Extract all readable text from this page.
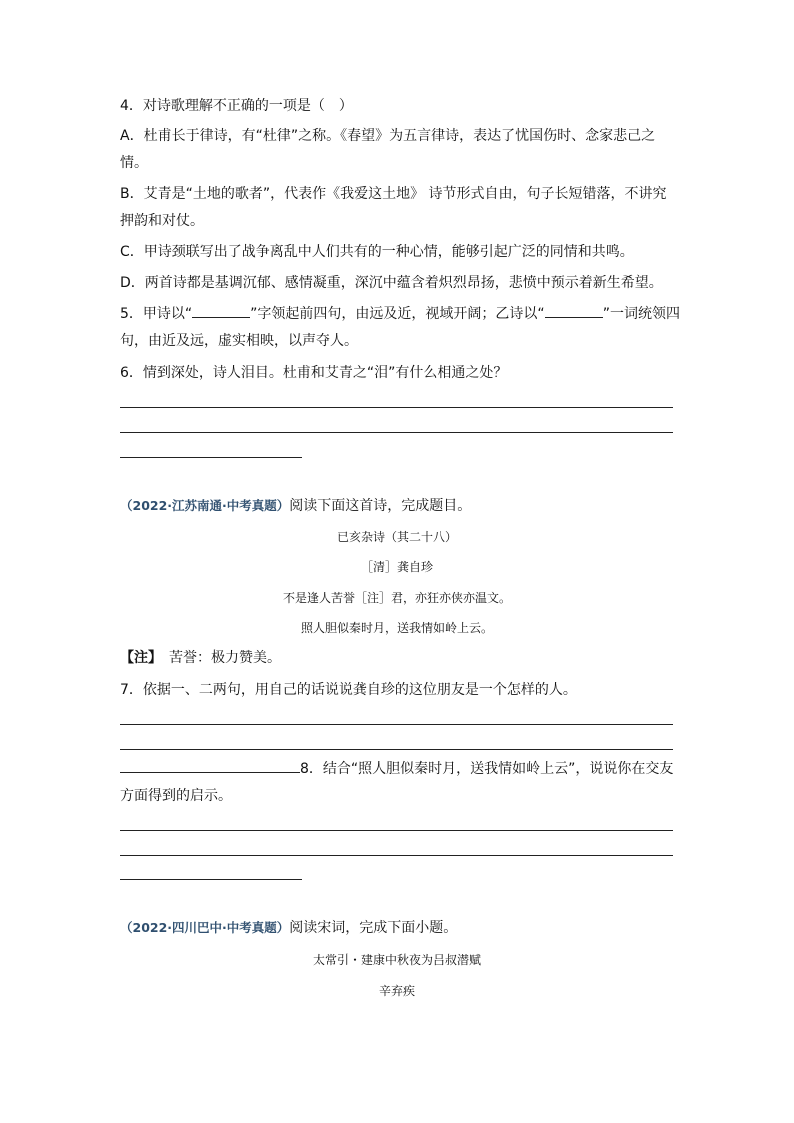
4．对诗歌理解不正确的一项是（　）
A．杜甫长于律诗，有“杜律”之称。《春望》为五言律诗，表达了忧国伤时、念家悲己之
情。
B．艾青是“土地的歌者”，代表作《我爱这土地》 诗节形式自由，句子长短错落，不讲究
押韵和对仗。
C．甲诗颈联写出了战争离乱中人们共有的一种心情，能够引起广泛的同情和共鸣。
D．两首诗都是基调沉郁、感情凝重，深沉中蕴含着炽烈昂扬，悲愤中预示着新生希望。
5．甲诗以“	”字领起前四句，由远及近，视域开阔；乙诗以“	”一词统领四
句，由近及远，虚实相映，以声夺人。
6．情到深处，诗人泪目。杜甫和艾青之“泪”有什么相通之处？
（2022·江苏南通·中考真题）阅读下面这首诗，完成题目。
已亥杂诗（其二十八）
［清］龚自珍
不是逢人苦誉［注］君，亦狂亦侠亦温文。
照人胆似秦时月，送我情如岭上云。
【注】　苦誉：极力赞美。
7．依据一、二两句，用自己的话说说龚自珍的这位朋友是一个怎样的人。
8．结合“照人胆似秦时月，送我情如岭上云”，说说你在交友
方面得到的启示。
（2022·四川巴中·中考真题）阅读宋词，完成下面小题。
太常引・建康中秋夜为吕叔潜赋
辛弃疾
